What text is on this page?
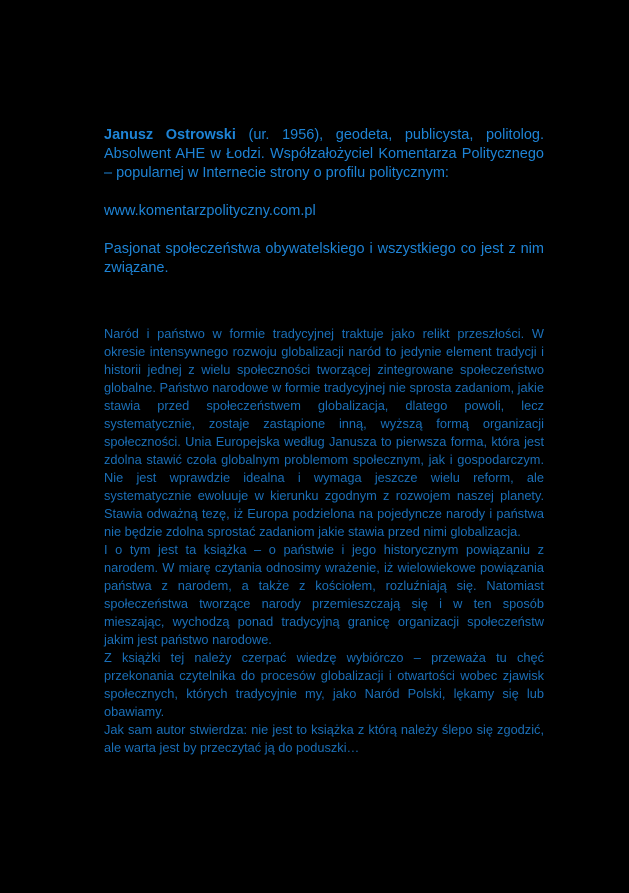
Janusz Ostrowski (ur. 1956), geodeta, publicysta, politolog. Absolwent AHE w Łodzi. Współzałożyciel Komentarza Politycznego – popularnej w Internecie strony o profilu politycznym:

www.komentarzpolityczny.com.pl

Pasjonat społeczeństwa obywatelskiego i wszystkiego co jest z nim związane.

Naród i państwo w formie tradycyjnej traktuje jako relikt przeszłości. W okresie intensywnego rozwoju globalizacji naród to jedynie element tradycji i historii jednej z wielu społeczności tworzącej zintegrowane społeczeństwo globalne. Państwo narodowe w formie tradycyjnej nie sprosta zadaniom, jakie stawia przed społeczeństwem globalizacja, dlatego powoli, lecz systematycznie, zostaje zastąpione inną, wyższą formą organizacji społeczności. Unia Europejska według Janusza to pierwsza forma, która jest zdolna stawić czoła globalnym problemom społecznym, jak i gospodarczym. Nie jest wprawdzie idealna i wymaga jeszcze wielu reform, ale systematycznie ewoluuje w kierunku zgodnym z rozwojem naszej planety. Stawia odważną tezę, iż Europa podzielona na pojedyncze narody i państwa nie będzie zdolna sprostać zadaniom jakie stawia przed nimi globalizacja.

I o tym jest ta książka – o państwie i jego historycznym powiązaniu z narodem. W miarę czytania odnosimy wrażenie, iż wielowiekowe powiązania państwa z narodem, a także z kościołem, rozluźniają się. Natomiast społeczeństwa tworzące narody przemieszczają się i w ten sposób mieszając, wychodzą ponad tradycyjną granicę organizacji społeczeństw jakim jest państwo narodowe.

Z książki tej należy czerpać wiedzę wybiórczo – przeważa tu chęć przekonania czytelnika do procesów globalizacji i otwartości wobec zjawisk społecznych, których tradycyjnie my, jako Naród Polski, lękamy się lub obawiamy.

Jak sam autor stwierdza: nie jest to książka z którą należy ślepo się zgodzić, ale warta jest by przeczytać ją do poduszki…
